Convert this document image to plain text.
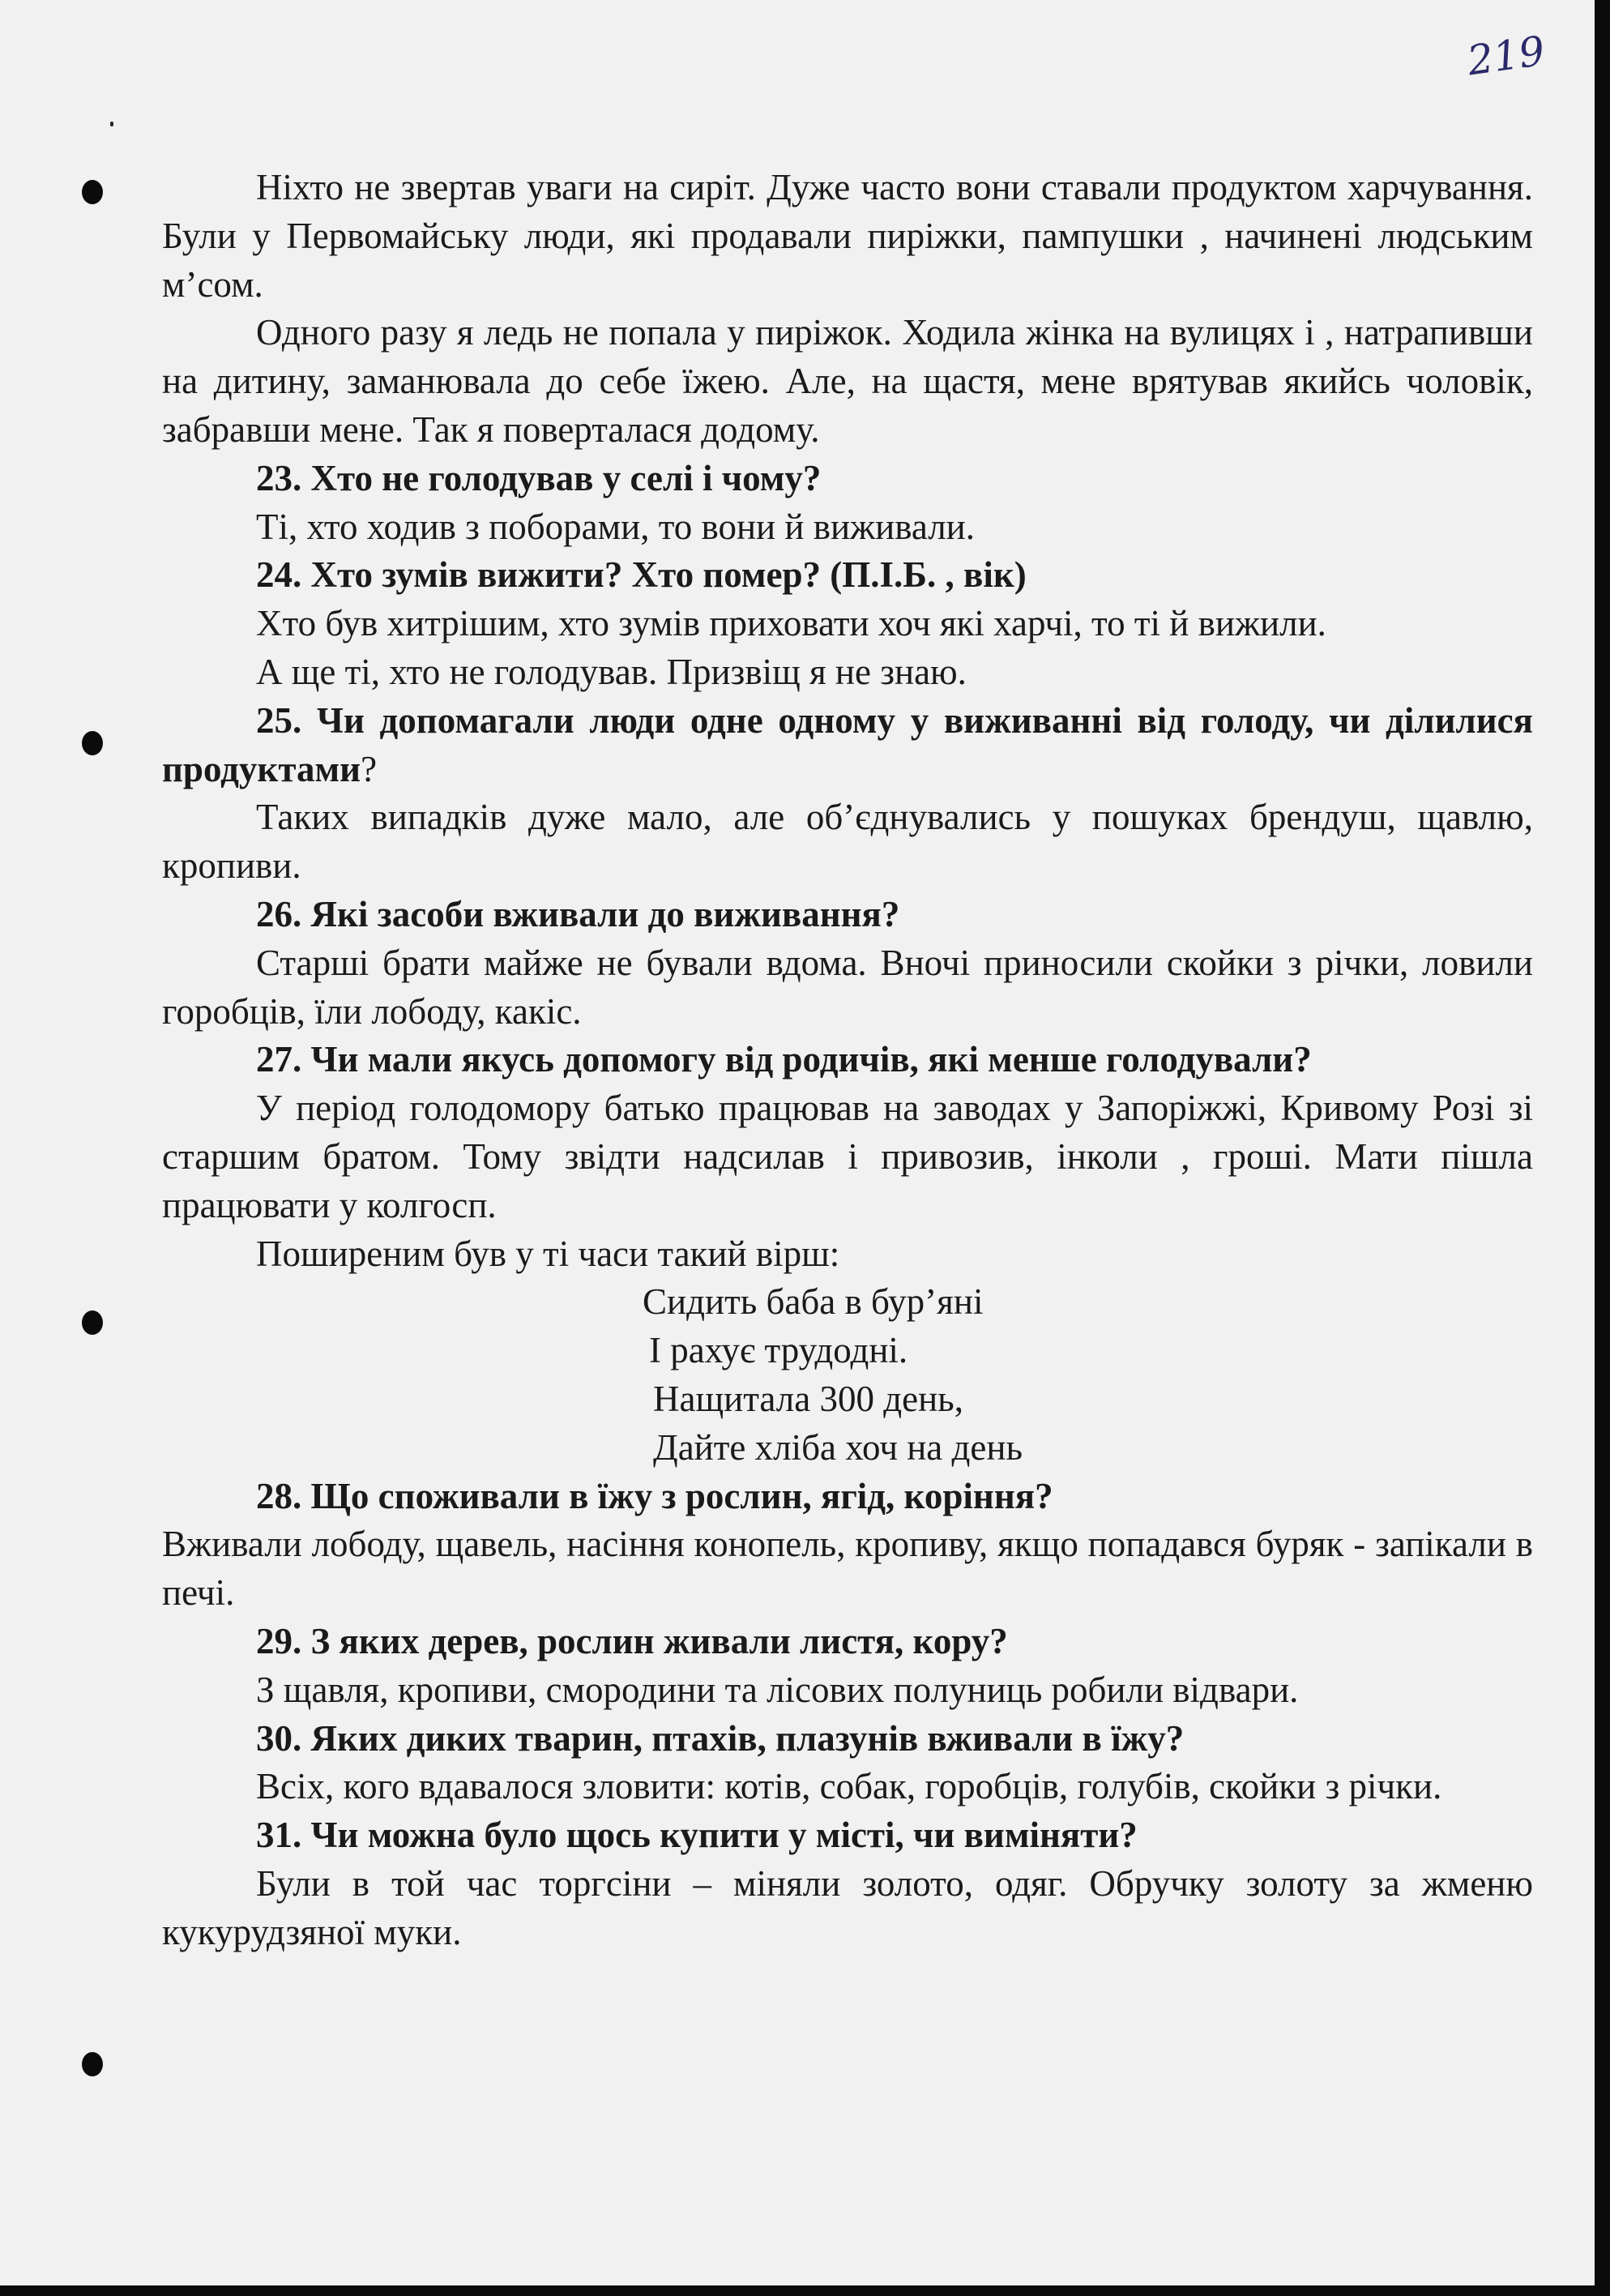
219

Ніхто не звертав уваги на сиріт. Дуже часто вони ставали продуктом харчування. Були у Первомайську люди, які продавали пиріжки, пампушки , начинені людським м’сом.

Одного разу я ледь не попала у пиріжок. Ходила жінка на вулицях і , натрапивши на дитину, заманювала до себе їжею. Але, на щастя, мене врятував якийсь чоловік, забравши мене. Так я поверталася додому.

23. Хто не голодував у селі і чому?

Ті, хто ходив з поборами, то вони й виживали.

24. Хто зумів вижити? Хто помер? (П.І.Б. , вік)

Хто був хитрішим, хто зумів приховати хоч які харчі, то ті й вижили.

А ще ті, хто не голодував. Призвіщ я не знаю.

25. Чи допомагали люди одне одному у виживанні від голоду, чи ділилися продуктами?

Таких випадків дуже мало, але об’єднувались у пошуках брендуш, щавлю, кропиви.

26. Які засоби вживали до виживання?

Старші брати майже не бували вдома. Вночі приносили скойки з річки, ловили горобців, їли лободу, какіс.

27. Чи мали якусь допомогу від родичів, які менше голодували?

У період голодомору батько працював на заводах у Запоріжжі, Кривому Розі зі старшим братом. Тому звідти надсилав і привозив, інколи , гроші. Мати пішла працювати у колгосп.

Поширеним був у ті часи такий вірш:

Сидить баба в бур’яні
І рахує трудодні.
Нащитала 300 день,
Дайте хліба хоч на день

28. Що споживали в їжу з рослин, ягід, коріння?

Вживали лободу, щавель, насіння конопель, кропиву, якщо попадався буряк - запікали в печі.

29. З яких дерев, рослин живали листя, кору?

З щавля, кропиви, смородини та лісових полуниць робили відвари.

30. Яких диких тварин, птахів, плазунів вживали в їжу?

Всіх, кого вдавалося зловити: котів, собак, горобців, голубів, скойки з річки.

31. Чи можна було щось купити у місті, чи виміняти?

Були в той час торгсіни – міняли золото, одяг. Обручку золоту за жменю кукурудзяної муки.
